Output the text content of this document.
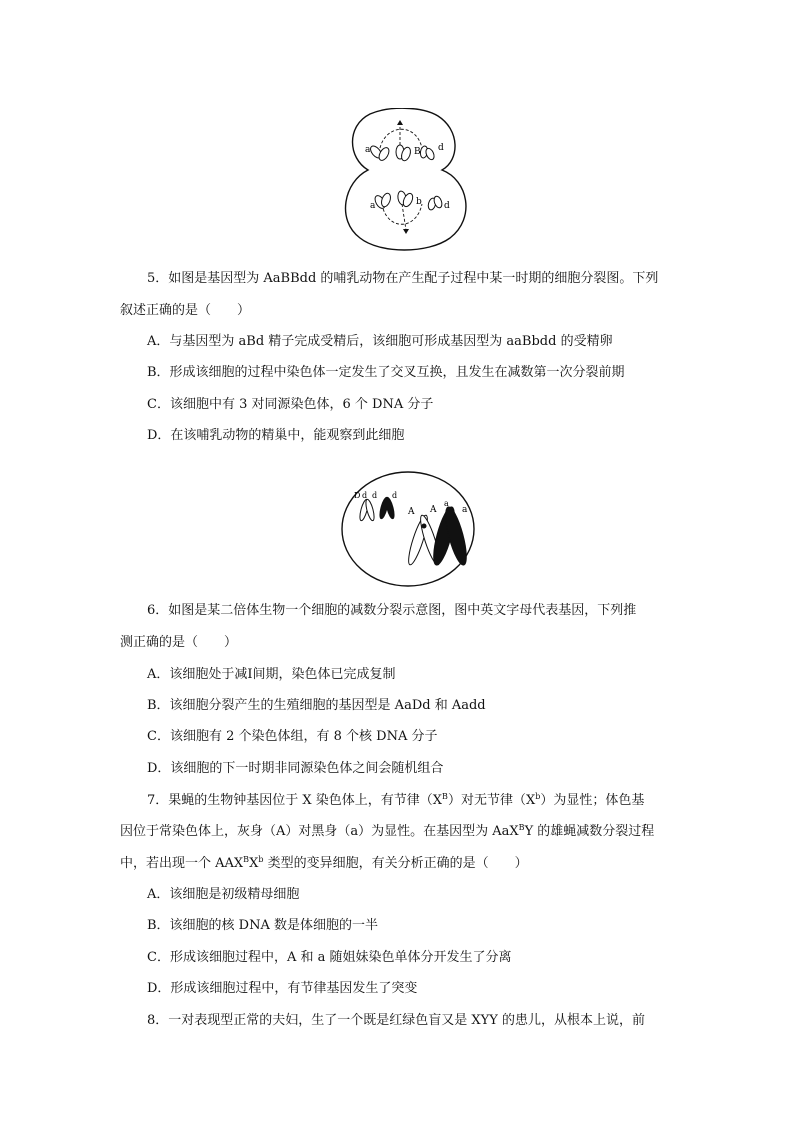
a	B d
a	b d
5．如图是基因型为 AaBBdd 的哺乳动物在产生配子过程中某一时期的细胞分裂图。下列
叙述正确的是（　　）
A．与基因型为 aBd 精子完成受精后，该细胞可形成基因型为 aaBbdd 的受精卵
B．形成该细胞的过程中染色体一定发生了交叉互换，且发生在减数第一次分裂前期
C．该细胞中有 3 对同源染色体，6 个 DNA 分子
D．在该哺乳动物的精巢中，能观察到此细胞
D d d d
A A
a
a
6．如图是某二倍体生物一个细胞的减数分裂示意图，图中英文字母代表基因，下列推
测正确的是（　　）
A．该细胞处于减Ⅰ间期，染色体已完成复制
B．该细胞分裂产生的生殖细胞的基因型是 AaDd 和 Aadd
C．该细胞有 2 个染色体组，有 8 个核 DNA 分子
D．该细胞的下一时期非同源染色体之间会随机组合
7．果蝇的生物钟基因位于 X 染色体上，有节律$(X^B)$对无节律$(X^b)$为显性；体色基
因位于常染色体上，灰身（A）对黑身（a）为显性。在基因型为 AaX$^B$Y 的雄蝇减数分裂过程
中，若出现一个 $AAX^BX^b$ 类型的变异细胞，有关分析正确的是（　　）
A．该细胞是初级精母细胞
B．该细胞的核 DNA 数是体细胞的一半
C．形成该细胞过程中，A 和 a 随姐妹染色单体分开发生了分离
D．形成该细胞过程中，有节律基因发生了突变
8．一对表现型正常的夫妇，生了一个既是红绿色盲又是 XYY 的患儿，从根本上说，前
